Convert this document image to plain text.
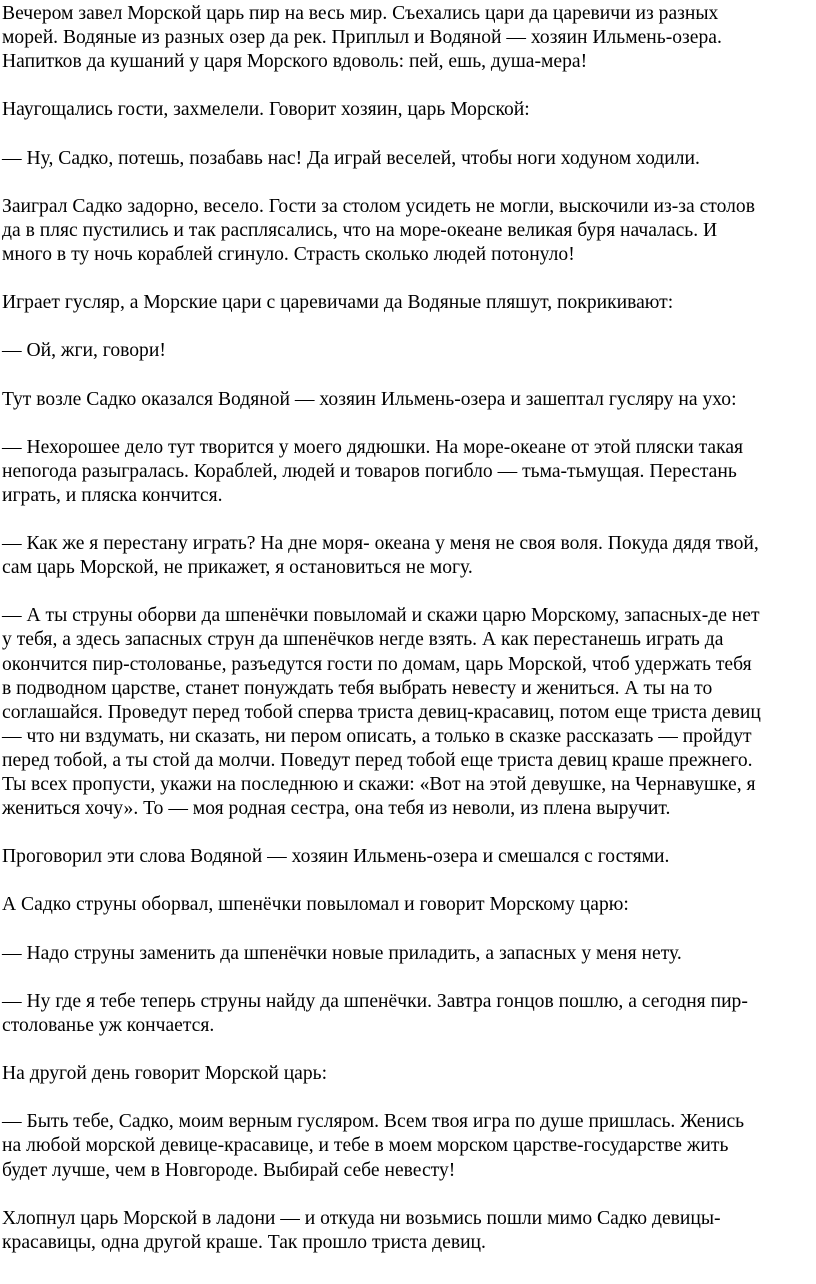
Вечером завел Морской царь пир на весь мир. Съехались цари да царевичи из разных
морей. Водяные из разных озер да рек. Приплыл и Водяной — хозяин Ильмень-озера.
Напитков да кушаний у царя Морского вдоволь: пей, ешь, душа-мера!

Наугощались гости, захмелели. Говорит хозяин, царь Морской:

— Ну, Садко, потешь, позабавь нас! Да играй веселей, чтобы ноги ходуном ходили.

Заиграл Садко задорно, весело. Гости за столом усидеть не могли, выскочили из-за столов
да в пляс пустились и так расплясались, что на море-океане великая буря началась. И
много в ту ночь кораблей сгинуло. Страсть сколько людей потонуло!

Играет гусляр, а Морские цари с царевичами да Водяные пляшут, покрикивают:

— Ой, жги, говори!

Тут возле Садко оказался Водяной — хозяин Ильмень-озера и зашептал гусляру на ухо:

— Нехорошее дело тут творится у моего дядюшки. На море-океане от этой пляски такая
непогода разыгралась. Кораблей, людей и товаров погибло — тьма-тьмущая. Перестань
играть, и пляска кончится.

— Как же я перестану играть? На дне моря- океана у меня не своя воля. Покуда дядя твой,
сам царь Морской, не прикажет, я остановиться не могу.

— А ты струны оборви да шпенёчки повыломай и скажи царю Морскому, запасных-де нет
у тебя, а здесь запасных струн да шпенёчков негде взять. А как перестанешь играть да
окончится пир-столованье, разъедутся гости по домам, царь Морской, чтоб удержать тебя
в подводном царстве, станет понуждать тебя выбрать невесту и жениться. А ты на то
соглашайся. Проведут перед тобой сперва триста девиц-красавиц, потом еще триста девиц
— что ни вздумать, ни сказать, ни пером описать, а только в сказке рассказать — пройдут
перед тобой, а ты стой да молчи. Поведут перед тобой еще триста девиц краше прежнего.
Ты всех пропусти, укажи на последнюю и скажи: «Вот на этой девушке, на Чернавушке, я
жениться хочу». То — моя родная сестра, она тебя из неволи, из плена выручит.

Проговорил эти слова Водяной — хозяин Ильмень-озера и смешался с гостями.

А Садко струны оборвал, шпенёчки повыломал и говорит Морскому царю:

— Надо струны заменить да шпенёчки новые приладить, а запасных у меня нету.

— Ну где я тебе теперь струны найду да шпенёчки. Завтра гонцов пошлю, а сегодня пир-
столованье уж кончается.

На другой день говорит Морской царь:

— Быть тебе, Садко, моим верным гусляром. Всем твоя игра по душе пришлась. Женись
на любой морской девице-красавице, и тебе в моем морском царстве-государстве жить
будет лучше, чем в Новгороде. Выбирай себе невесту!

Хлопнул царь Морской в ладони — и откуда ни возьмись пошли мимо Садко девицы-
красавицы, одна другой краше. Так прошло триста девиц.
